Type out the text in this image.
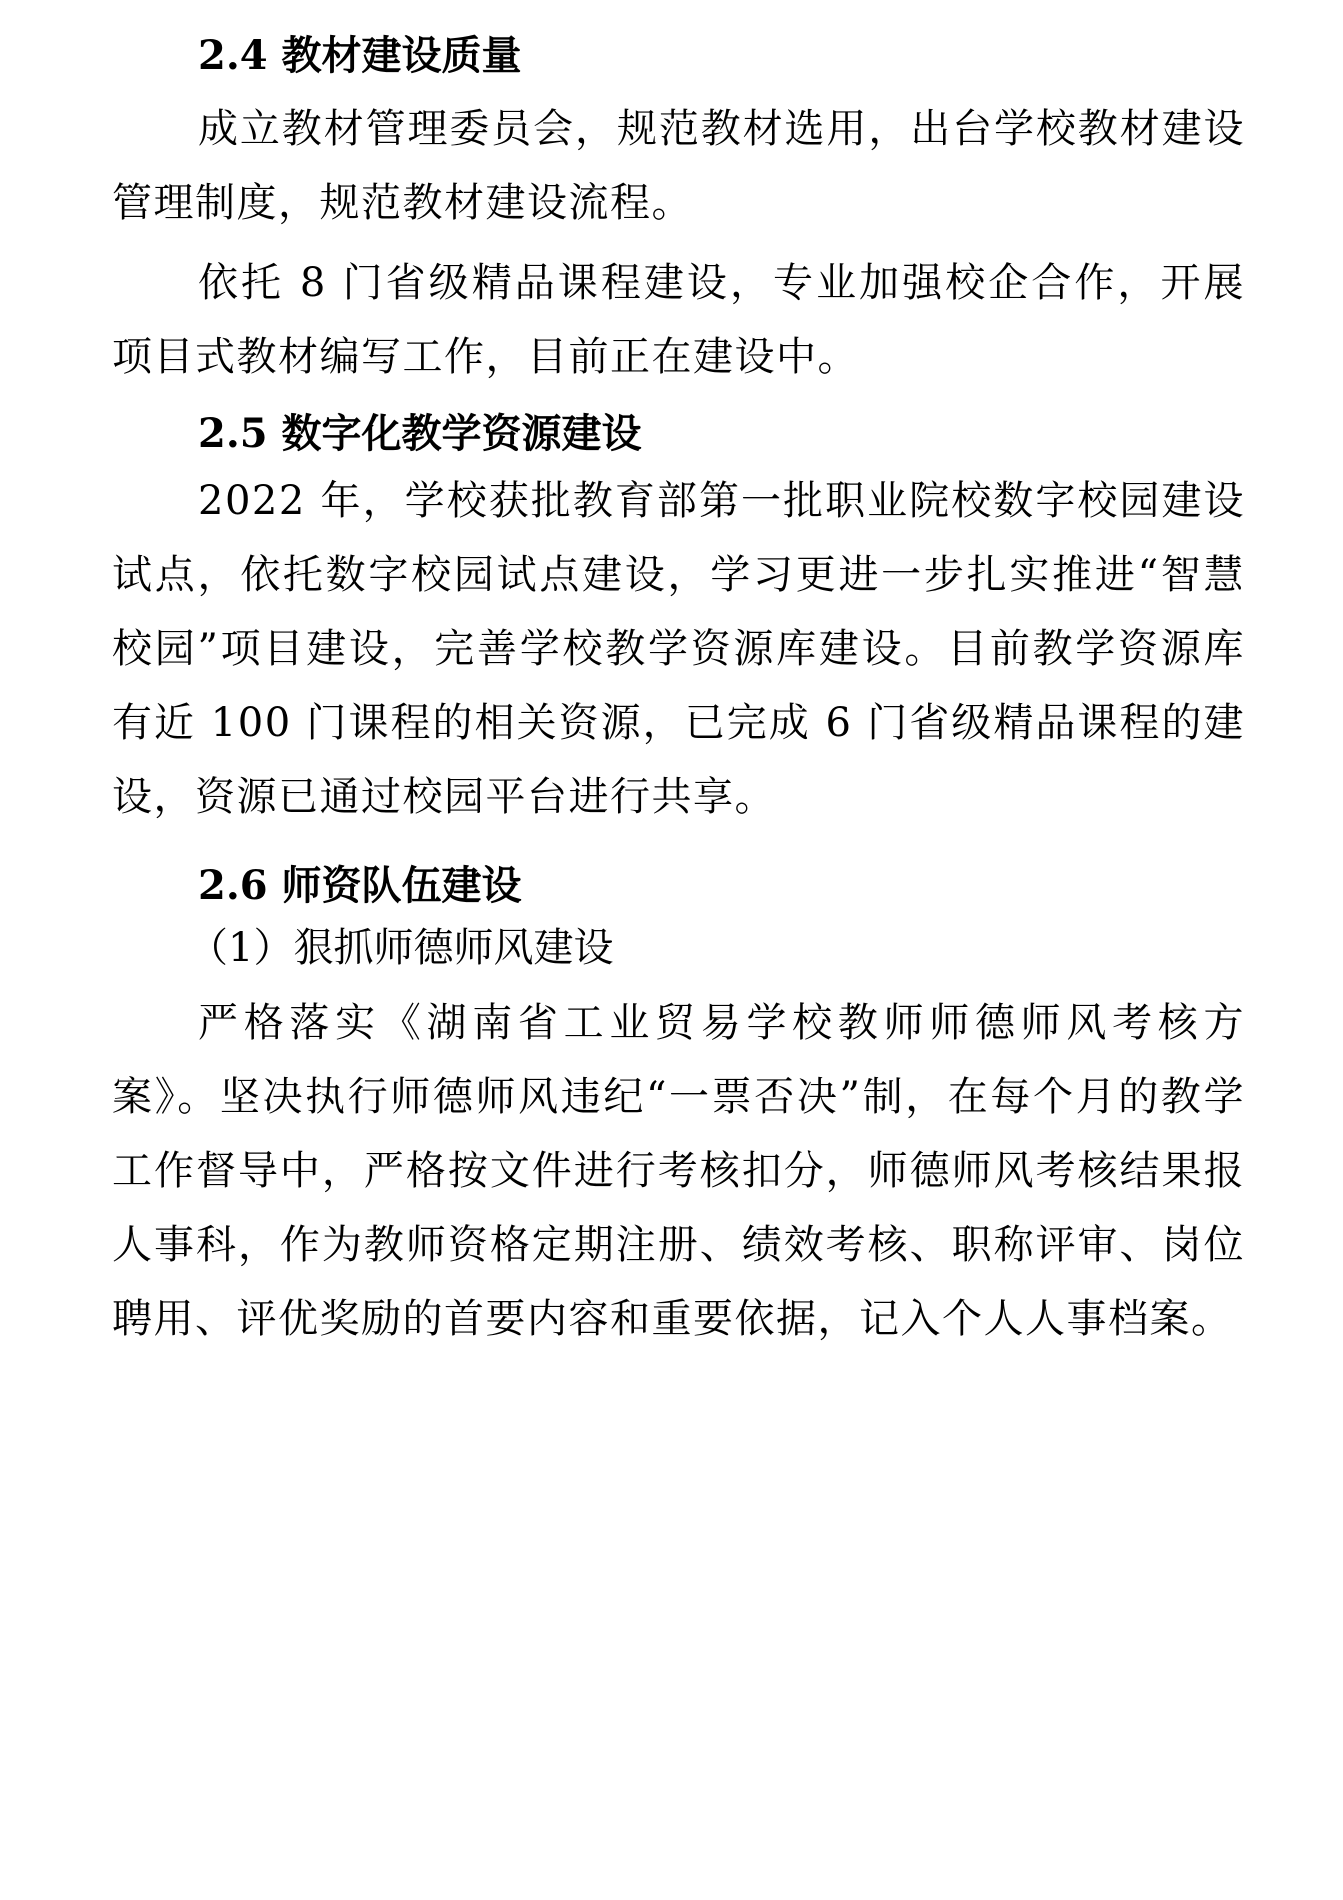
2.4 教材建设质量

成立教材管理委员会，规范教材选用，出台学校教材建设管理制度，规范教材建设流程。

依托 8 门省级精品课程建设，专业加强校企合作，开展项目式教材编写工作，目前正在建设中。

2.5 数字化教学资源建设

2022 年，学校获批教育部第一批职业院校数字校园建设试点，依托数字校园试点建设，学习更进一步扎实推进“智慧校园”项目建设，完善学校教学资源库建设。目前教学资源库有近 100 门课程的相关资源，已完成 6 门省级精品课程的建设，资源已通过校园平台进行共享。

2.6 师资队伍建设

（1）狠抓师德师风建设

严格落实《湖南省工业贸易学校教师师德师风考核方案》。坚决执行师德师风违纪“一票否决”制，在每个月的教学工作督导中，严格按文件进行考核扣分，师德师风考核结果报人事科，作为教师资格定期注册、绩效考核、职称评审、岗位聘用、评优奖励的首要内容和重要依据，记入个人人事档案。
